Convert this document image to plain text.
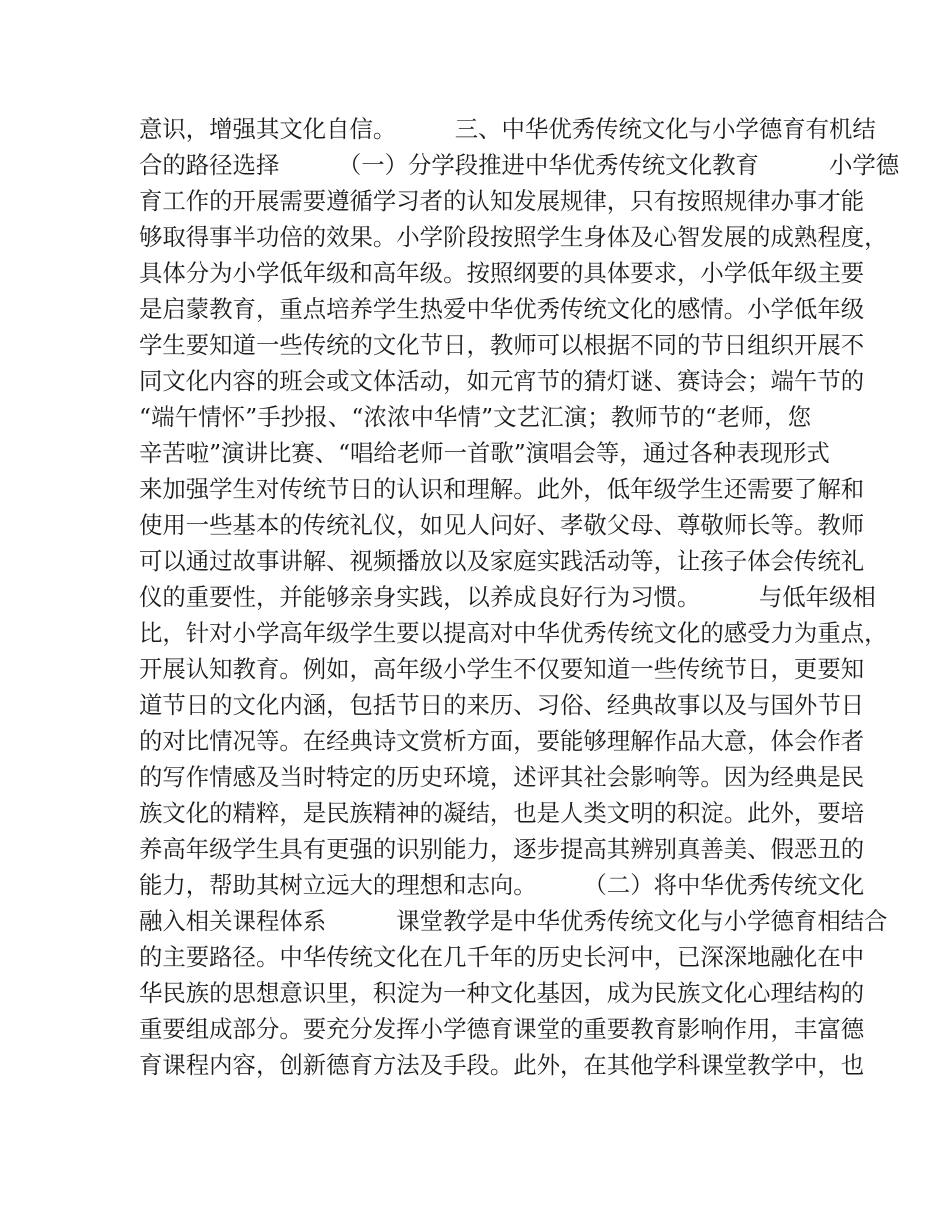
意识，增强其文化自信。　　　三、中华优秀传统文化与小学德育有机结
合的路径选择　　　（一）分学段推进中华优秀传统文化教育　　　小学德
育工作的开展需要遵循学习者的认知发展规律，只有按照规律办事才能
够取得事半功倍的效果。小学阶段按照学生身体及心智发展的成熟程度，
具体分为小学低年级和高年级。按照纲要的具体要求，小学低年级主要
是启蒙教育，重点培养学生热爱中华优秀传统文化的感情。小学低年级
学生要知道一些传统的文化节日，教师可以根据不同的节日组织开展不
同文化内容的班会或文体活动，如元宵节的猜灯谜、赛诗会；端午节的
“端午情怀”手抄报、“浓浓中华情”文艺汇演；教师节的“老师，您
辛苦啦”演讲比赛、“唱给老师一首歌”演唱会等，通过各种表现形式
来加强学生对传统节日的认识和理解。此外，低年级学生还需要了解和
使用一些基本的传统礼仪，如见人问好、孝敬父母、尊敬师长等。教师
可以通过故事讲解、视频播放以及家庭实践活动等，让孩子体会传统礼
仪的重要性，并能够亲身实践，以养成良好行为习惯。　　　与低年级相
比，针对小学高年级学生要以提高对中华优秀传统文化的感受力为重点，
开展认知教育。例如，高年级小学生不仅要知道一些传统节日，更要知
道节日的文化内涵，包括节日的来历、习俗、经典故事以及与国外节日
的对比情况等。在经典诗文赏析方面，要能够理解作品大意，体会作者
的写作情感及当时特定的历史环境，述评其社会影响等。因为经典是民
族文化的精粹，是民族精神的凝结，也是人类文明的积淀。此外，要培
养高年级学生具有更强的识别能力，逐步提高其辨别真善美、假恶丑的
能力，帮助其树立远大的理想和志向。　　　（二）将中华优秀传统文化
融入相关课程体系　　　课堂教学是中华优秀传统文化与小学德育相结合
的主要路径。中华传统文化在几千年的历史长河中，已深深地融化在中
华民族的思想意识里，积淀为一种文化基因，成为民族文化心理结构的
重要组成部分。要充分发挥小学德育课堂的重要教育影响作用，丰富德
育课程内容，创新德育方法及手段。此外，在其他学科课堂教学中，也
